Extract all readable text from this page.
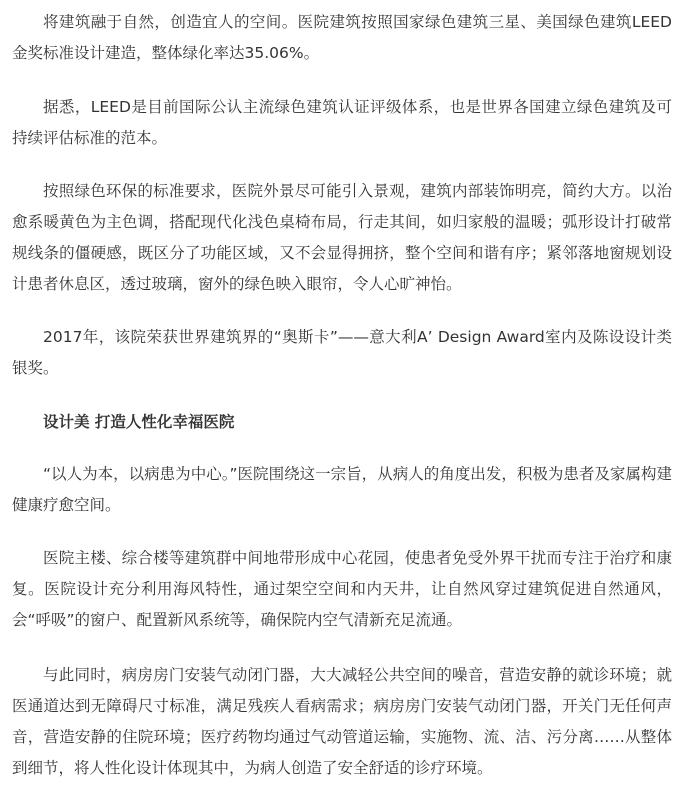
将建筑融于自然，创造宜人的空间。医院建筑按照国家绿色建筑三星、美国绿色建筑LEED金奖标准设计建造，整体绿化率达35.06%。

据悉，LEED是目前国际公认主流绿色建筑认证评级体系，也是世界各国建立绿色建筑及可持续评估标准的范本。

按照绿色环保的标准要求，医院外景尽可能引入景观，建筑内部装饰明亮，简约大方。以治愈系暖黄色为主色调，搭配现代化浅色桌椅布局，行走其间，如归家般的温暖；弧形设计打破常规线条的僵硬感，既区分了功能区域，又不会显得拥挤，整个空间和谐有序；紧邻落地窗规划设计患者休息区，透过玻璃，窗外的绿色映入眼帘，令人心旷神怡。

2017年，该院荣获世界建筑界的“奥斯卡”——意大利A’ Design Award室内及陈设设计类银奖。

设计美 打造人性化幸福医院

“以人为本，以病患为中心。”医院围绕这一宗旨，从病人的角度出发，积极为患者及家属构建健康疗愈空间。

医院主楼、综合楼等建筑群中间地带形成中心花园，使患者免受外界干扰而专注于治疗和康复。医院设计充分利用海风特性，通过架空空间和内天井，让自然风穿过建筑促进自然通风，会“呼吸”的窗户、配置新风系统等，确保院内空气清新充足流通。

与此同时，病房房门安装气动闭门器，大大减轻公共空间的噪音，营造安静的就诊环境；就医通道达到无障碍尺寸标准，满足残疾人看病需求；病房房门安装气动闭门器，开关门无任何声音，营造安静的住院环境；医疗药物均通过气动管道运输，实施物、流、洁、污分离……从整体到细节，将人性化设计体现其中，为病人创造了安全舒适的诊疗环境。
